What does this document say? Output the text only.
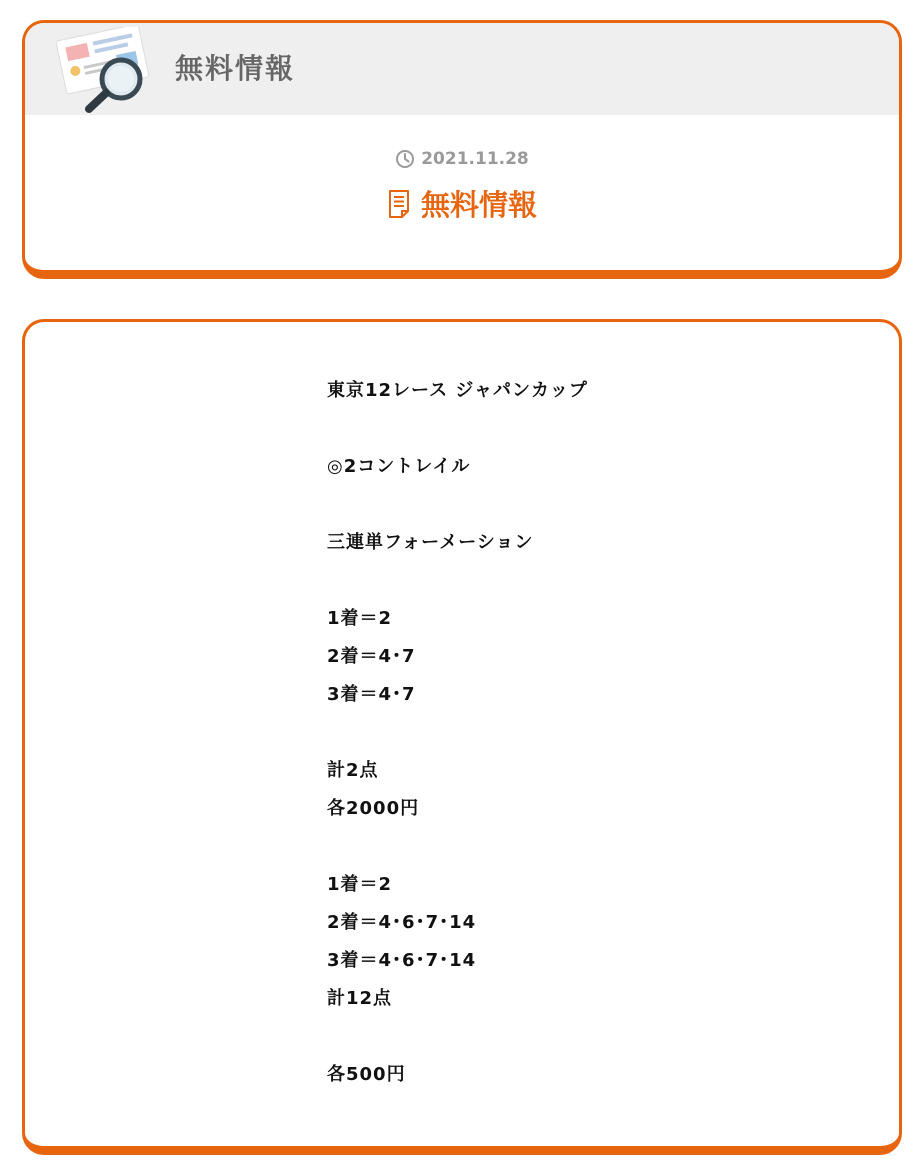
無料情報
2021.11.28
無料情報
東京12レース ジャパンカップ
◎2コントレイル
三連単フォーメーション
1着＝2
2着＝4･7
3着＝4･7
計2点
各2000円
1着＝2
2着＝4･6･7･14
3着＝4･6･7･14
計12点
各500円
